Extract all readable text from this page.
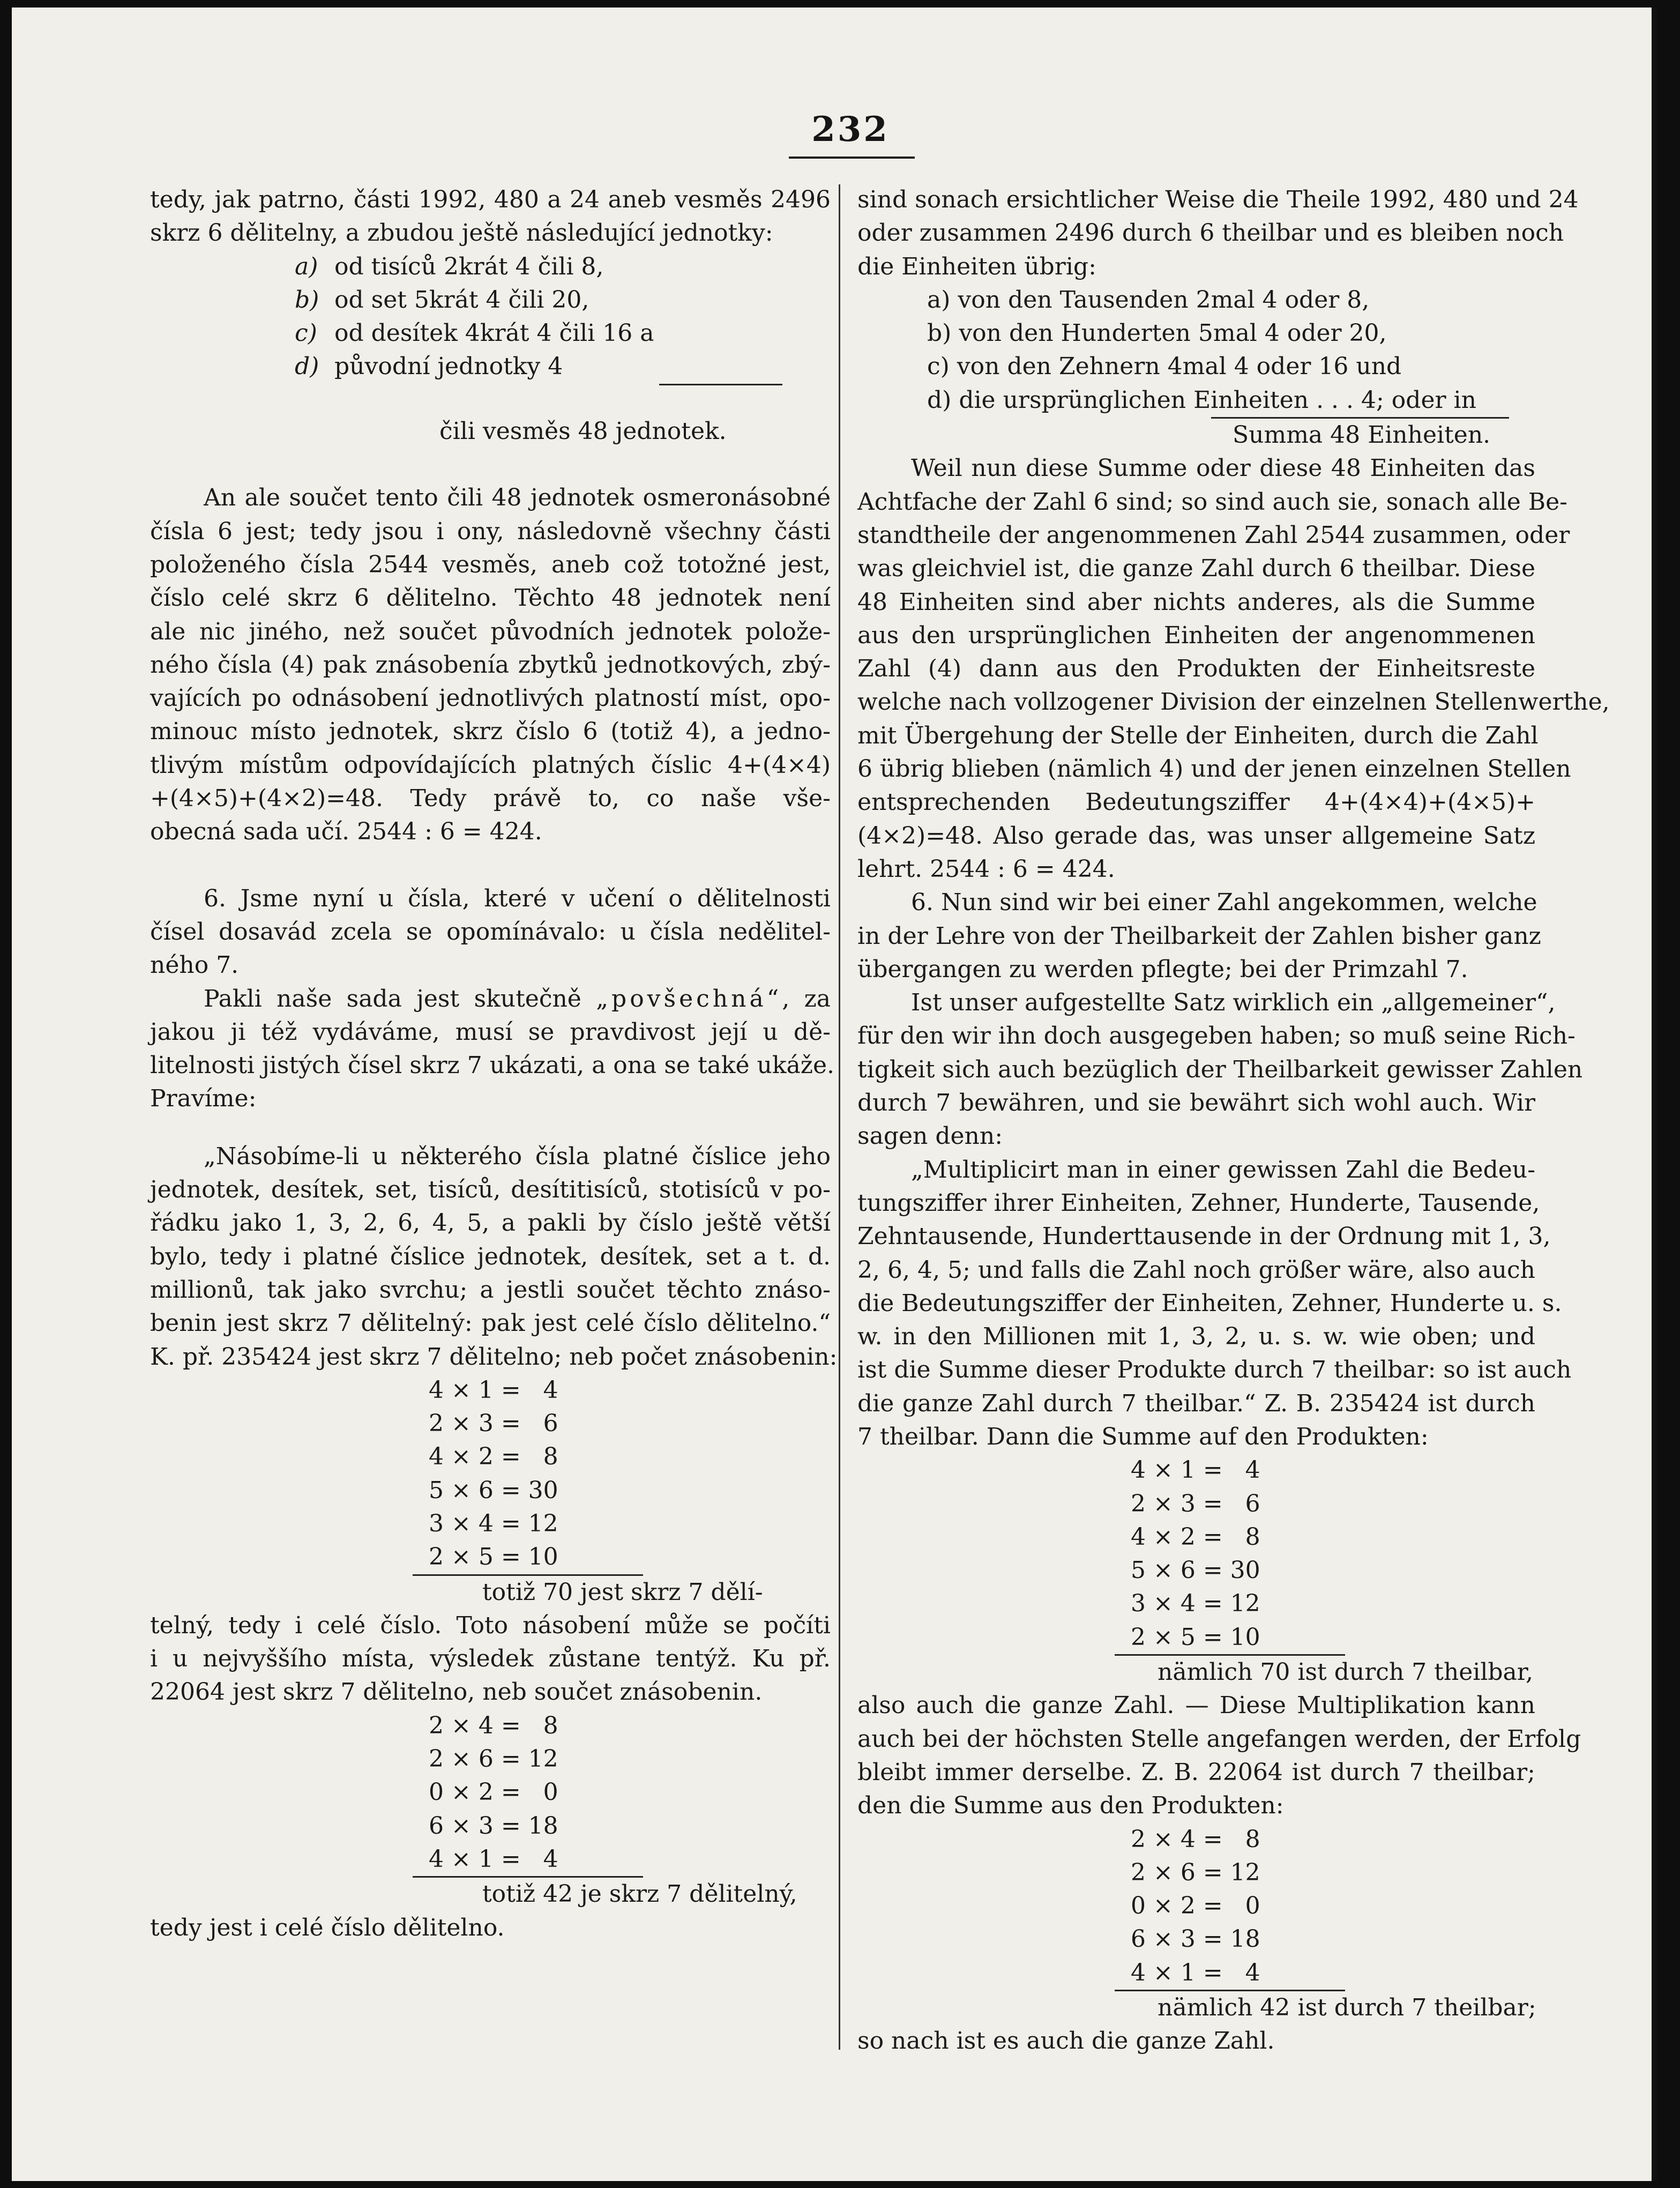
232
tedy, jak patrno, části 1992, 480 a 24 aneb vesměs 2496
skrz 6 dělitelny, a zbudou ještě následující jednotky:
a) od tisíců 2krát 4 čili 8,
b) od set 5krát 4 čili 20,
c) od desítek 4krát 4 čili 16 a
d) původní jednotky 4
čili vesměs 48 jednotek.
An ale součet tento čili 48 jednotek osmeronásobné
čísla 6 jest; tedy jsou i ony, následovně všechny části
položeného čísla 2544 vesměs, aneb což totožné jest,
číslo celé skrz 6 dělitelno. Těchto 48 jednotek není
ale nic jiného, než součet původních jednotek polože-
ného čísla (4) pak znásobenía zbytků jednotkových, zbý-
vajících po odnásobení jednotlivých platností míst, opo-
minouc místo jednotek, skrz číslo 6 (totiž 4), a jedno-
tlivým místům odpovídajících platných číslic 4+(4×4)
+(4×5)+(4×2)=48. Tedy právě to, co naše vše-
obecná sada učí. 2544 : 6 = 424.
6. Jsme nyní u čísla, které v učení o dělitelnosti
čísel dosavád zcela se opomínávalo: u čísla nedělitel-
ného 7.
Pakli naše sada jest skutečně „povšechná“, za
jakou ji též vydáváme, musí se pravdivost její u dě-
litelnosti jistých čísel skrz 7 ukázati, a ona se také ukáže.
Pravíme:
„Násobíme-li u některého čísla platné číslice jeho
jednotek, desítek, set, tisíců, desítitisíců, stotisíců v po-
řádku jako 1, 3, 2, 6, 4, 5, a pakli by číslo ještě větší
bylo, tedy i platné číslice jednotek, desítek, set a t. d.
millionů, tak jako svrchu; a jestli součet těchto znáso-
benin jest skrz 7 dělitelný: pak jest celé číslo dělitelno.“
K. př. 235424 jest skrz 7 dělitelno; neb počet znásobenin:
4 × 1 =   4
2 × 3 =   6
4 × 2 =   8
5 × 6 = 30
3 × 4 = 12
2 × 5 = 10
totiž 70 jest skrz 7 dělí-
telný, tedy i celé číslo. Toto násobení může se počíti
i u nejvyššího místa, výsledek zůstane tentýž. Ku př.
22064 jest skrz 7 dělitelno, neb součet znásobenin.
2 × 4 =   8
2 × 6 = 12
0 × 2 =   0
6 × 3 = 18
4 × 1 =   4
totiž 42 je skrz 7 dělitelný,
tedy jest i celé číslo dělitelno.
sind sonach ersichtlicher Weise die Theile 1992, 480 und 24
oder zusammen 2496 durch 6 theilbar und es bleiben noch
die Einheiten übrig:
a) von den Tausenden 2mal 4 oder 8,
b) von den Hunderten 5mal 4 oder 20,
c) von den Zehnern 4mal 4 oder 16 und
d) die ursprünglichen Einheiten . . . 4; oder in
Summa 48 Einheiten.
Weil nun diese Summe oder diese 48 Einheiten das
Achtfache der Zahl 6 sind; so sind auch sie, sonach alle Be-
standtheile der angenommenen Zahl 2544 zusammen, oder
was gleichviel ist, die ganze Zahl durch 6 theilbar. Diese
48 Einheiten sind aber nichts anderes, als die Summe
aus den ursprünglichen Einheiten der angenommenen
Zahl (4) dann aus den Produkten der Einheitsreste
welche nach vollzogener Division der einzelnen Stellenwerthe,
mit Übergehung der Stelle der Einheiten, durch die Zahl
6 übrig blieben (nämlich 4) und der jenen einzelnen Stellen
entsprechenden Bedeutungsziffer 4+(4×4)+(4×5)+
(4×2)=48. Also gerade das, was unser allgemeine Satz
lehrt. 2544 : 6 = 424.
6. Nun sind wir bei einer Zahl angekommen, welche
in der Lehre von der Theilbarkeit der Zahlen bisher ganz
übergangen zu werden pflegte; bei der Primzahl 7.
Ist unser aufgestellte Satz wirklich ein „allgemeiner“,
für den wir ihn doch ausgegeben haben; so muß seine Rich-
tigkeit sich auch bezüglich der Theilbarkeit gewisser Zahlen
durch 7 bewähren, und sie bewährt sich wohl auch. Wir
sagen denn:
„Multiplicirt man in einer gewissen Zahl die Bedeu-
tungsziffer ihrer Einheiten, Zehner, Hunderte, Tausende,
Zehntausende, Hunderttausende in der Ordnung mit 1, 3,
2, 6, 4, 5; und falls die Zahl noch größer wäre, also auch
die Bedeutungsziffer der Einheiten, Zehner, Hunderte u. s.
w. in den Millionen mit 1, 3, 2, u. s. w. wie oben; und
ist die Summe dieser Produkte durch 7 theilbar: so ist auch
die ganze Zahl durch 7 theilbar.“ Z. B. 235424 ist durch
7 theilbar. Dann die Summe auf den Produkten:
4 × 1 =   4
2 × 3 =   6
4 × 2 =   8
5 × 6 = 30
3 × 4 = 12
2 × 5 = 10
nämlich 70 ist durch 7 theilbar,
also auch die ganze Zahl. — Diese Multiplikation kann
auch bei der höchsten Stelle angefangen werden, der Erfolg
bleibt immer derselbe. Z. B. 22064 ist durch 7 theilbar;
den die Summe aus den Produkten:
2 × 4 =   8
2 × 6 = 12
0 × 2 =   0
6 × 3 = 18
4 × 1 =   4
nämlich 42 ist durch 7 theilbar;
so nach ist es auch die ganze Zahl.
